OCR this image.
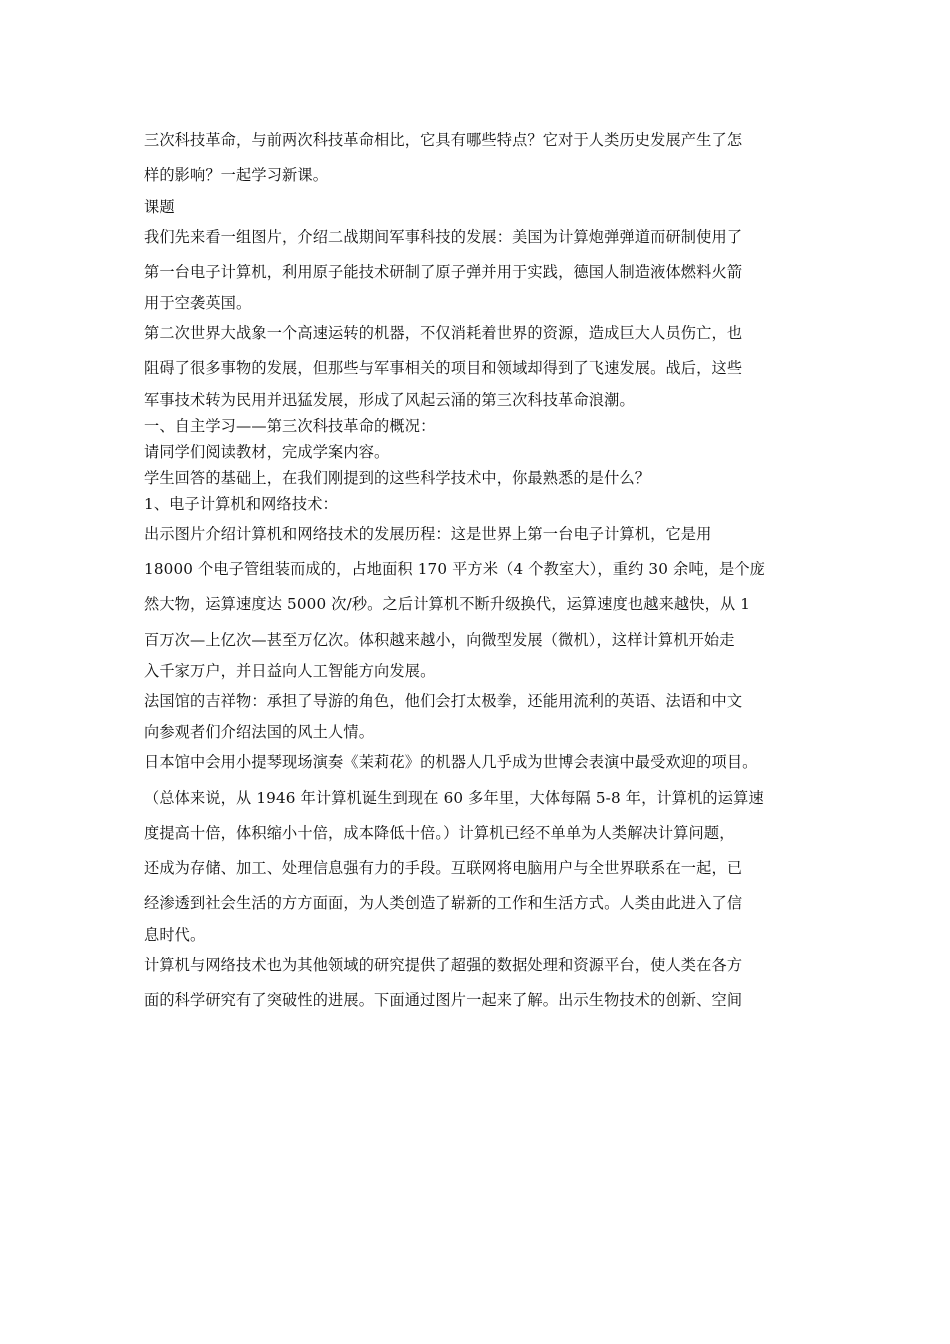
三次科技革命，与前两次科技革命相比，它具有哪些特点？它对于人类历史发展产生了怎
样的影响？一起学习新课。
课题
我们先来看一组图片，介绍二战期间军事科技的发展：美国为计算炮弹弹道而研制使用了
第一台电子计算机，利用原子能技术研制了原子弹并用于实践，德国人制造液体燃料火箭
用于空袭英国。
第二次世界大战象一个高速运转的机器，不仅消耗着世界的资源，造成巨大人员伤亡，也
阻碍了很多事物的发展，但那些与军事相关的项目和领域却得到了飞速发展。战后，这些
军事技术转为民用并迅猛发展，形成了风起云涌的第三次科技革命浪潮。
一、自主学习——第三次科技革命的概况：
请同学们阅读教材，完成学案内容。
学生回答的基础上，在我们刚提到的这些科学技术中，你最熟悉的是什么？
1、电子计算机和网络技术：
出示图片介绍计算机和网络技术的发展历程：这是世界上第一台电子计算机，它是用
18000 个电子管组装而成的，占地面积 170 平方米（4 个教室大），重约 30 余吨，是个庞
然大物，运算速度达 5000 次/秒。之后计算机不断升级换代，运算速度也越来越快，从 1
百万次—上亿次—甚至万亿次。体积越来越小，向微型发展（微机），这样计算机开始走
入千家万户，并日益向人工智能方向发展。
法国馆的吉祥物：承担了导游的角色，他们会打太极拳，还能用流利的英语、法语和中文
向参观者们介绍法国的风土人情。
日本馆中会用小提琴现场演奏《茉莉花》的机器人几乎成为世博会表演中最受欢迎的项目。
（总体来说，从 1946 年计算机诞生到现在 60 多年里，大体每隔 5-8 年，计算机的运算速
度提高十倍，体积缩小十倍，成本降低十倍。）计算机已经不单单为人类解决计算问题，
还成为存储、加工、处理信息强有力的手段。互联网将电脑用户与全世界联系在一起，已
经渗透到社会生活的方方面面，为人类创造了崭新的工作和生活方式。人类由此进入了信
息时代。
计算机与网络技术也为其他领域的研究提供了超强的数据处理和资源平台，使人类在各方
面的科学研究有了突破性的进展。下面通过图片一起来了解。出示生物技术的创新、空间
